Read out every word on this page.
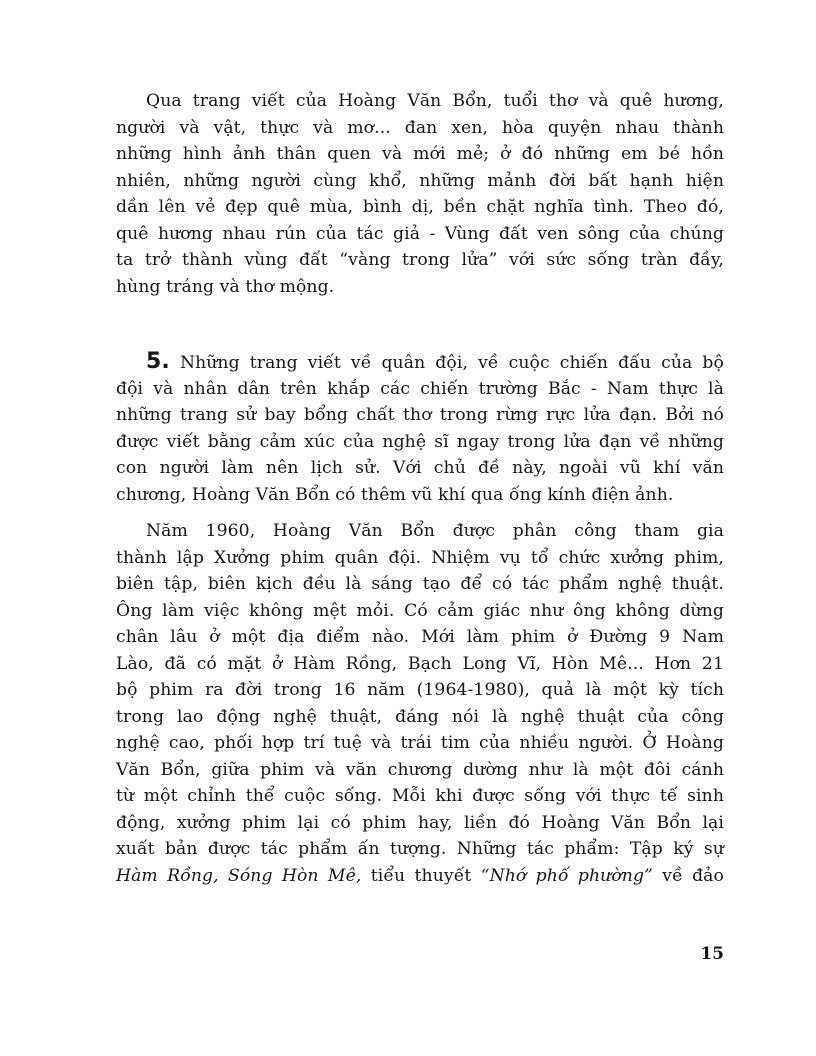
Qua trang viết của Hoàng Văn Bổn, tuổi thơ và quê hương,
người và vật, thực và mơ... đan xen, hòa quyện nhau thành
những hình ảnh thân quen và mới mẻ; ở đó những em bé hồn
nhiên, những người cùng khổ, những mảnh đời bất hạnh hiện
dần lên vẻ đẹp quê mùa, bình dị, bền chặt nghĩa tình. Theo đó,
quê hương nhau rún của tác giả - Vùng đất ven sông của chúng
ta trở thành vùng đất “vàng trong lửa” với sức sống tràn đầy,
hùng tráng và thơ mộng.
5. Những trang viết về quân đội, về cuộc chiến đấu của bộ
đội và nhân dân trên khắp các chiến trường Bắc - Nam thực là
những trang sử bay bổng chất thơ trong rừng rực lửa đạn. Bởi nó
được viết bằng cảm xúc của nghệ sĩ ngay trong lửa đạn về những
con người làm nên lịch sử. Với chủ đề này, ngoài vũ khí văn
chương, Hoàng Văn Bổn có thêm vũ khí qua ống kính điện ảnh.
Năm 1960, Hoàng Văn Bổn được phân công tham gia
thành lập Xưởng phim quân đội. Nhiệm vụ tổ chức xưởng phim,
biên tập, biên kịch đều là sáng tạo để có tác phẩm nghệ thuật.
Ông làm việc không mệt mỏi. Có cảm giác như ông không dừng
chân lâu ở một địa điểm nào. Mới làm phim ở Đường 9 Nam
Lào, đã có mặt ở Hàm Rồng, Bạch Long Vĩ, Hòn Mê... Hơn 21
bộ phim ra đời trong 16 năm (1964-1980), quả là một kỳ tích
trong lao động nghệ thuật, đáng nói là nghệ thuật của công
nghệ cao, phối hợp trí tuệ và trái tim của nhiều người. Ở Hoàng
Văn Bổn, giữa phim và văn chương dường như là một đôi cánh
từ một chỉnh thể cuộc sống. Mỗi khi được sống với thực tế sinh
động, xưởng phim lại có phim hay, liền đó Hoàng Văn Bổn lại
xuất bản được tác phẩm ấn tượng. Những tác phẩm: Tập ký sự
Hàm Rồng, Sóng Hòn Mê, tiểu thuyết “Nhớ phố phường” về đảo
15
